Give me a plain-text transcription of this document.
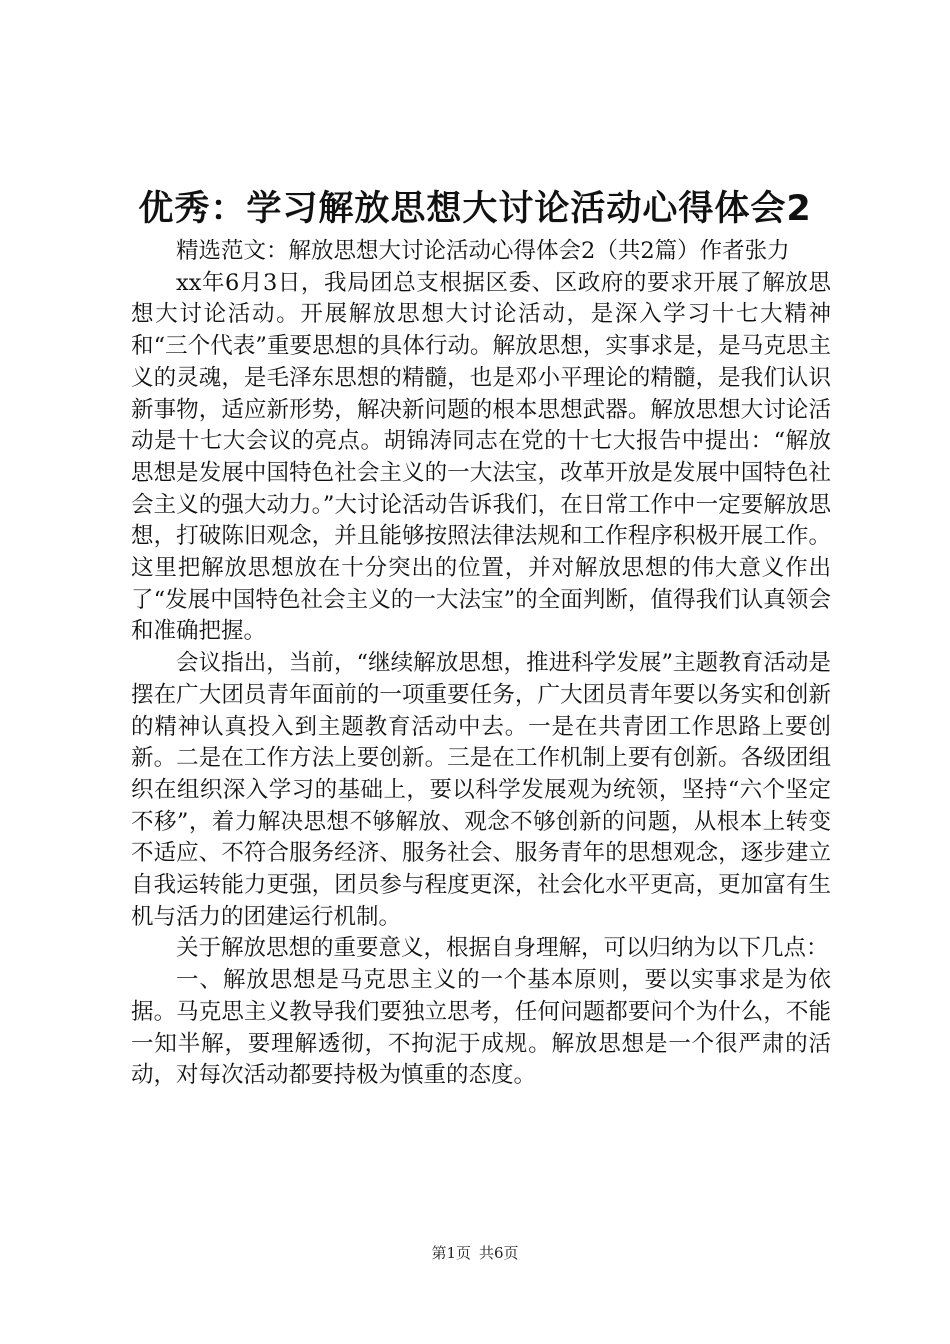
优秀：学习解放思想大讨论活动心得体会2

精选范文：解放思想大讨论活动心得体会2（共2篇）作者张力

xx年6月3日，我局团总支根据区委、区政府的要求开展了解放思想大讨论活动。开展解放思想大讨论活动，是深入学习十七大精神和“三个代表”重要思想的具体行动。解放思想，实事求是，是马克思主义的灵魂，是毛泽东思想的精髓，也是邓小平理论的精髓，是我们认识新事物，适应新形势，解决新问题的根本思想武器。解放思想大讨论活动是十七大会议的亮点。胡锦涛同志在党的十七大报告中提出：“解放思想是发展中国特色社会主义的一大法宝，改革开放是发展中国特色社会主义的强大动力。”大讨论活动告诉我们，在日常工作中一定要解放思想，打破陈旧观念，并且能够按照法律法规和工作程序积极开展工作。这里把解放思想放在十分突出的位置，并对解放思想的伟大意义作出了“发展中国特色社会主义的一大法宝”的全面判断，值得我们认真领会和准确把握。

会议指出，当前，“继续解放思想，推进科学发展”主题教育活动是摆在广大团员青年面前的一项重要任务，广大团员青年要以务实和创新的精神认真投入到主题教育活动中去。一是在共青团工作思路上要创新。二是在工作方法上要创新。三是在工作机制上要有创新。各级团组织在组织深入学习的基础上，要以科学发展观为统领，坚持“六个坚定不移”，着力解决思想不够解放、观念不够创新的问题，从根本上转变不适应、不符合服务经济、服务社会、服务青年的思想观念，逐步建立自我运转能力更强，团员参与程度更深，社会化水平更高，更加富有生机与活力的团建运行机制。

关于解放思想的重要意义，根据自身理解，可以归纳为以下几点：

一、解放思想是马克思主义的一个基本原则，要以实事求是为依据。马克思主义教导我们要独立思考，任何问题都要问个为什么，不能一知半解，要理解透彻，不拘泥于成规。解放思想是一个很严肃的活动，对每次活动都要持极为慎重的态度。

第1页 共6页
